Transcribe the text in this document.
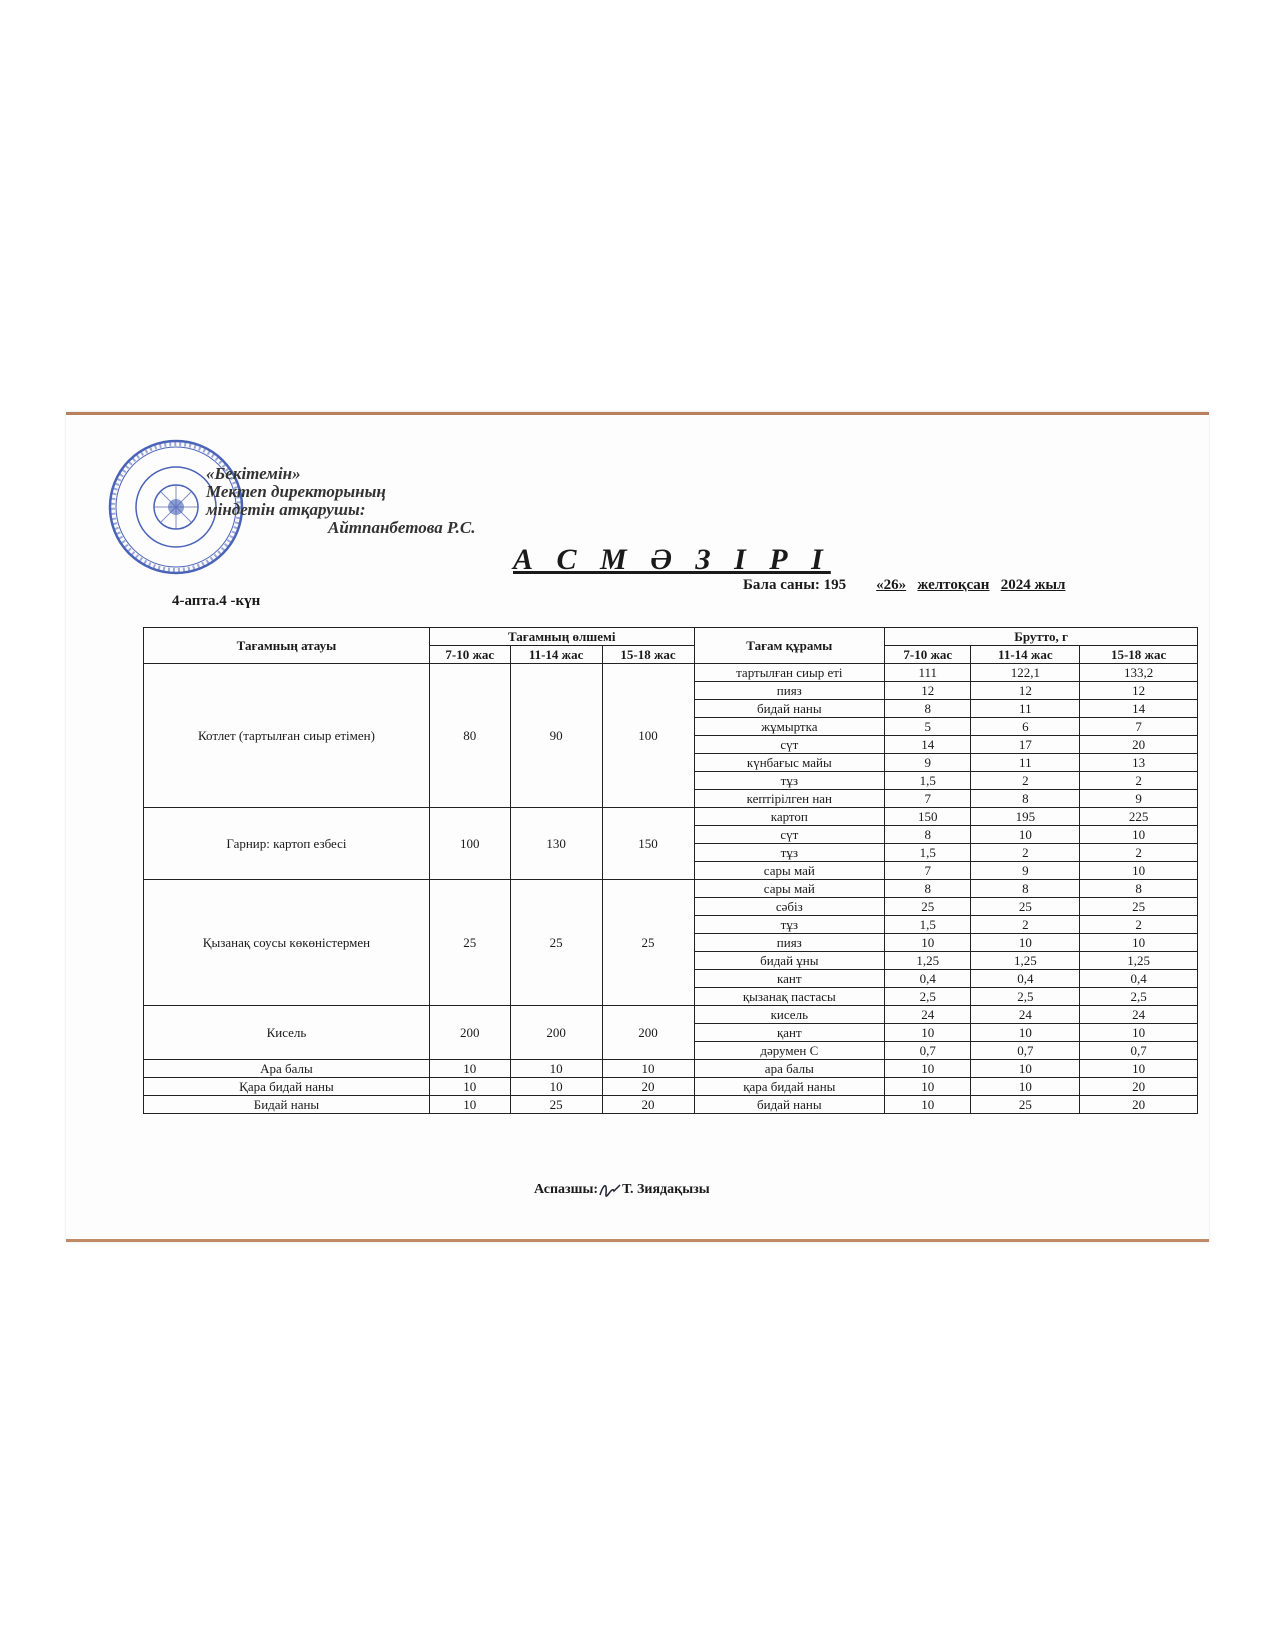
«Бекітемін»
Мектеп директорының
міндетін атқарушы:
Айтпанбетова Р.С.
А С М Ә З І Р І
4-апта.4 -күн
Бала саны: 195 «26» желтоқсан 2024 жыл
Тағамның атауы	Тағамның өлшемі			Тағам құрамы	Брутто, г		
	7-10 жас	11-14 жас	15-18 жас		7-10 жас	11-14 жас	15-18 жас
Котлет (тартылған сиыр етімен)	80	90	100	тартылған сиыр еті	111	122,1	133,2
				пияз	12	12	12
				бидай наны	8	11	14
				жұмыртка	5	6	7
				сүт	14	17	20
				күнбағыс майы	9	11	13
				тұз	1,5	2	2
				кептірілген нан	7	8	9
Гарнир: картоп езбесі	100	130	150	картоп	150	195	225
				сүт	8	10	10
				тұз	1,5	2	2
				сары май	7	9	10
Қызанақ соусы көкөністермен	25	25	25	сары май	8	8	8
				сәбіз	25	25	25
				тұз	1,5	2	2
				пияз	10	10	10
				бидай ұны	1,25	1,25	1,25
				кант	0,4	0,4	0,4
				қызанақ пастасы	2,5	2,5	2,5
Кисель	200	200	200	кисель	24	24	24
				қант	10	10	10
				дәрумен С	0,7	0,7	0,7
Ара балы	10	10	10	ара балы	10	10	10
Қара бидай наны	10	10	20	қара бидай наны	10	10	20
Бидай наны	10	25	20	бидай наны	10	25	20
Аспазшы: Т. Зиядақызы
